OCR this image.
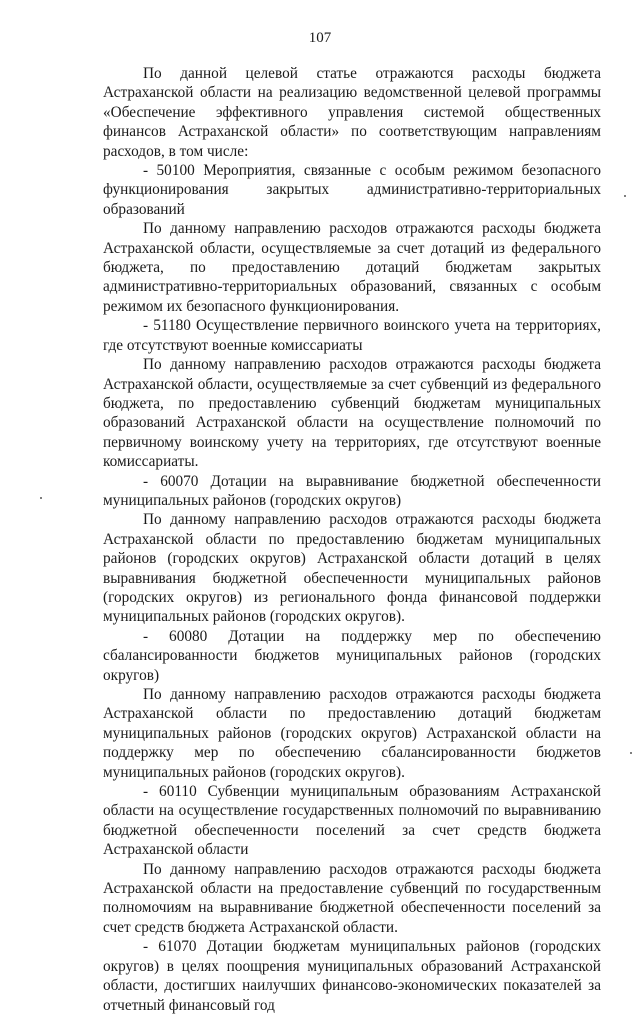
107

По данной целевой статье отражаются расходы бюджета Астраханской области на реализацию ведомственной целевой программы «Обеспечение эффективного управления системой общественных финансов Астраханской области» по соответствующим направлениям расходов, в том числе:

- 50100 Мероприятия, связанные с особым режимом безопасного функционирования закрытых административно-территориальных образований

По данному направлению расходов отражаются расходы бюджета Астраханской области, осуществляемые за счет дотаций из федерального бюджета, по предоставлению дотаций бюджетам закрытых административно-территориальных образований, связанных с особым режимом их безопасного функционирования.

- 51180 Осуществление первичного воинского учета на территориях, где отсутствуют военные комиссариаты

По данному направлению расходов отражаются расходы бюджета Астраханской области, осуществляемые за счет субвенций из федерального бюджета, по предоставлению субвенций бюджетам муниципальных образований Астраханской области на осуществление полномочий по первичному воинскому учету на территориях, где отсутствуют военные комиссариаты.

- 60070 Дотации на выравнивание бюджетной обеспеченности муниципальных районов (городских округов)

По данному направлению расходов отражаются расходы бюджета Астраханской области по предоставлению бюджетам муниципальных районов (городских округов) Астраханской области дотаций в целях выравнивания бюджетной обеспеченности муниципальных районов (городских округов) из регионального фонда финансовой поддержки муниципальных районов (городских округов).

- 60080 Дотации на поддержку мер по обеспечению сбалансированности бюджетов муниципальных районов (городских округов)

По данному направлению расходов отражаются расходы бюджета Астраханской области по предоставлению дотаций бюджетам муниципальных районов (городских округов) Астраханской области на поддержку мер по обеспечению сбалансированности бюджетов муниципальных районов (городских округов).

- 60110 Субвенции муниципальным образованиям Астраханской области на осуществление государственных полномочий по выравниванию бюджетной обеспеченности поселений за счет средств бюджета Астраханской области

По данному направлению расходов отражаются расходы бюджета Астраханской области на предоставление субвенций по государственным полномочиям на выравнивание бюджетной обеспеченности поселений за счет средств бюджета Астраханской области.

- 61070 Дотации бюджетам муниципальных районов (городских округов) в целях поощрения муниципальных образований Астраханской области, достигших наилучших финансово-экономических показателей за отчетный финансовый год
